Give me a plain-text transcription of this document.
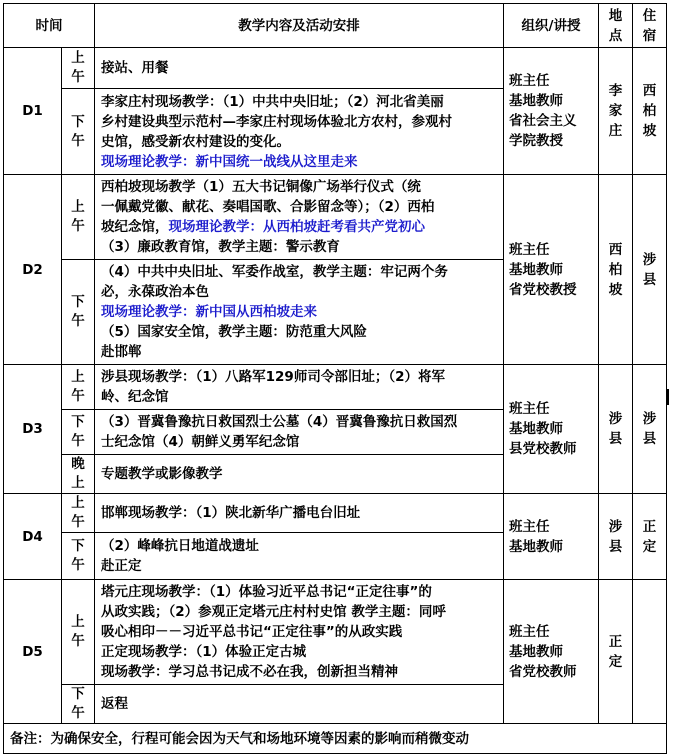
时间		教学内容及活动安排	组织/讲授	地
点	住
宿

D1	上
午	接站、用餐	班主任
基地教师
省社会主义
学院教授	李
家
庄	西
柏
坡

	下
午	李家庄村现场教学：（1）中共中央旧址；（2）河北省美丽
乡村建设典型示范村—李家庄村现场体验北方农村，参观村
史馆，感受新农村建设的变化。
现场理论教学：新中国统一战线从这里走来			

D2	上
午	西柏坡现场教学（1）五大书记铜像广场举行仪式（统
一佩戴党徽、献花、奏唱国歌、合影留念等）；（2）西柏
坡纪念馆，现场理论教学：从西柏坡赶考看共产党初心
（3）廉政教育馆，教学主题：警示教育	班主任
基地教师
省党校教授	西
柏
坡	涉
县

	下
午	（4）中共中央旧址、军委作战室，教学主题：牢记两个务
必，永葆政治本色
现场理论教学：新中国从西柏坡走来
（5）国家安全馆，教学主题：防范重大风险
赴邯郸			

D3	上
午	涉县现场教学：（1）八路军129师司令部旧址；（2）将军
岭、纪念馆	班主任
基地教师
县党校教师	涉
县	涉
县

	下
午	（3）晋冀鲁豫抗日救国烈士公墓（4）晋冀鲁豫抗日救国烈
士纪念馆（4）朝鲜义勇军纪念馆			

	晚
上	专题教学或影像教学			

D4	上
午	邯郸现场教学：（1）陕北新华广播电台旧址	班主任
基地教师	涉
县	正
定

	下
午	（2）峰峰抗日地道战遗址
赴正定			

D5	上
午	塔元庄现场教学：（1）体验习近平总书记“正定往事”的
从政实践；（2）参观正定塔元庄村村史馆 教学主题：同呼
吸心相印－－习近平总书记“正定往事”的从政实践
正定现场教学：（1）体验正定古城
现场教学：学习总书记成不必在我，创新担当精神	班主任
基地教师
省党校教师	正
定	

	下
午	返程			

备注：为确保安全，行程可能会因为天气和场地环境等因素的影响而稍微变动					
